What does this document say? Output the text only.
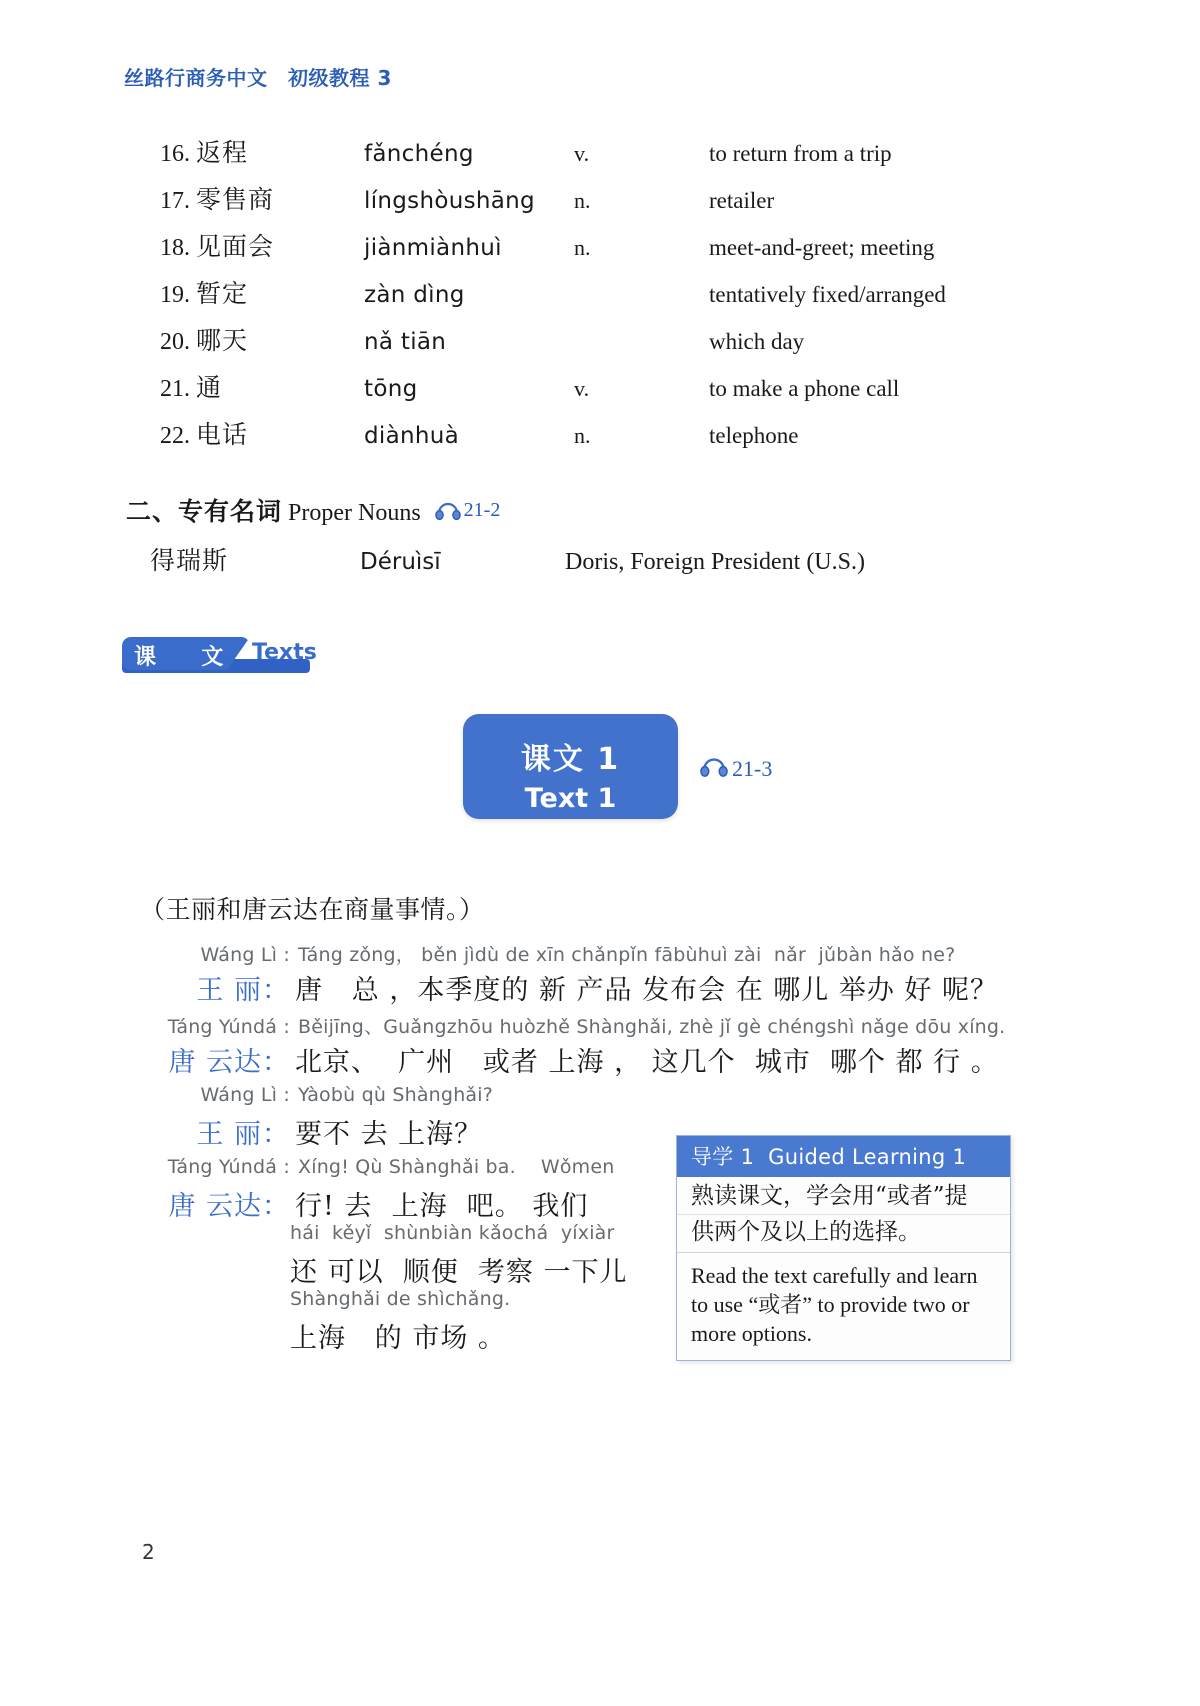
丝路行商务中文　初级教程 3
16. 返程	fǎnchéng	v.	to return from a trip
17. 零售商	língshòushāng	n.	retailer
18. 见面会	jiànmiànhuì	n.	meet-and-greet; meeting
19. 暂定	zàn dìng	tentatively fixed/arranged
20. 哪天	nǎ tiān	which day
21. 通	tōng	v.	to make a phone call
22. 电话	diànhuà	n.	telephone
二、专有名词 Proper Nouns 21-2
得瑞斯	Déruìsī	Doris, Foreign President (U.S.)
课  文 Texts
课文 1
Text 1
21-3
（王丽和唐云达在商量事情。）
Wáng Lì : Táng zǒng， běn jìdù de xīn chǎnpǐn fābùhuì zài  nǎr  jǔbàn hǎo ne?
王 丽： 唐   总 ，本季度的 新 产品 发布会 在 哪儿 举办 好 呢？
Táng Yúndá : Běijīng、Guǎngzhōu huòzhě Shànghǎi, zhè jǐ gè chéngshì nǎge dōu xíng.
唐 云达： 北京、  广州   或者 上海 ， 这几个  城市  哪个 都 行 。
Wáng Lì : Yàobù qù Shànghǎi?
王 丽： 要不 去 上海？
Táng Yúndá : Xíng! Qù Shànghǎi ba.    Wǒmen
唐 云达： 行! 去  上海  吧。 我们
hái  kěyǐ  shùnbiàn kǎochá  yíxiàr
还 可以  顺便  考察 一下儿
Shànghǎi de shìchǎng.
上海   的 市场 。
导学 1  Guided Learning 1
熟读课文，学会用“或者”提
供两个及以上的选择。
Read the text carefully and learn to use “或者” to provide two or more options.
2
